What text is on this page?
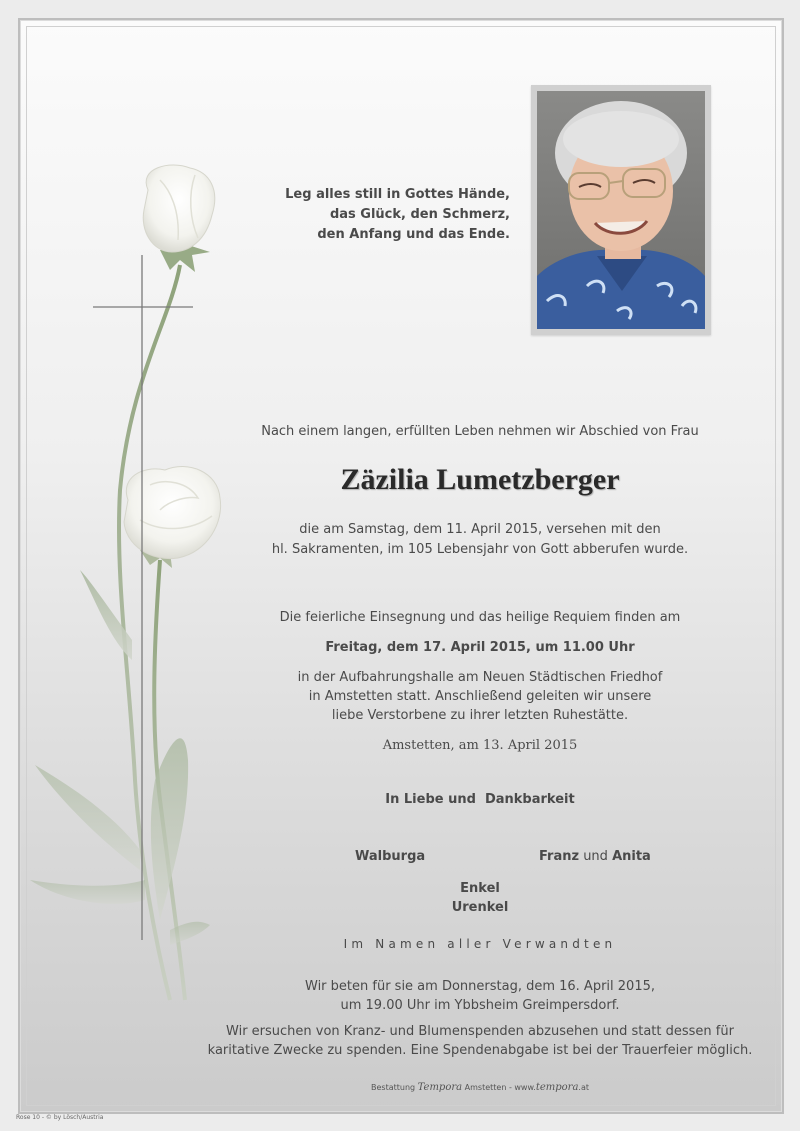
Leg alles still in Gottes Hände,
das Glück, den Schmerz,
den Anfang und das Ende.
Nach einem langen, erfüllten Leben nehmen wir Abschied von Frau
Zäzilia Lumetzberger
die am Samstag, dem 11. April 2015, versehen mit den
hl. Sakramenten, im 105 Lebensjahr von Gott abberufen wurde.
Die feierliche Einsegnung und das heilige Requiem finden am
Freitag, dem 17. April 2015, um 11.00 Uhr
in der Aufbahrungshalle am Neuen Städtischen Friedhof
in Amstetten statt. Anschließend geleiten wir unsere
liebe Verstorbene zu ihrer letzten Ruhestätte.
Amstetten, am 13. April 2015
In Liebe und  Dankbarkeit
Walburga	Franz und Anita
Enkel
Urenkel
Im Namen aller Verwandten
Wir beten für sie am Donnerstag, dem 16. April 2015,
um 19.00 Uhr im Ybbsheim Greimpersdorf.
Wir ersuchen von Kranz- und Blumenspenden abzusehen und statt dessen für
karitative Zwecke zu spenden. Eine Spendenabgabe ist bei der Trauerfeier möglich.
Bestattung Tempora Amstetten - www.tempora.at
Rose 10 - © by Lösch/Austria
